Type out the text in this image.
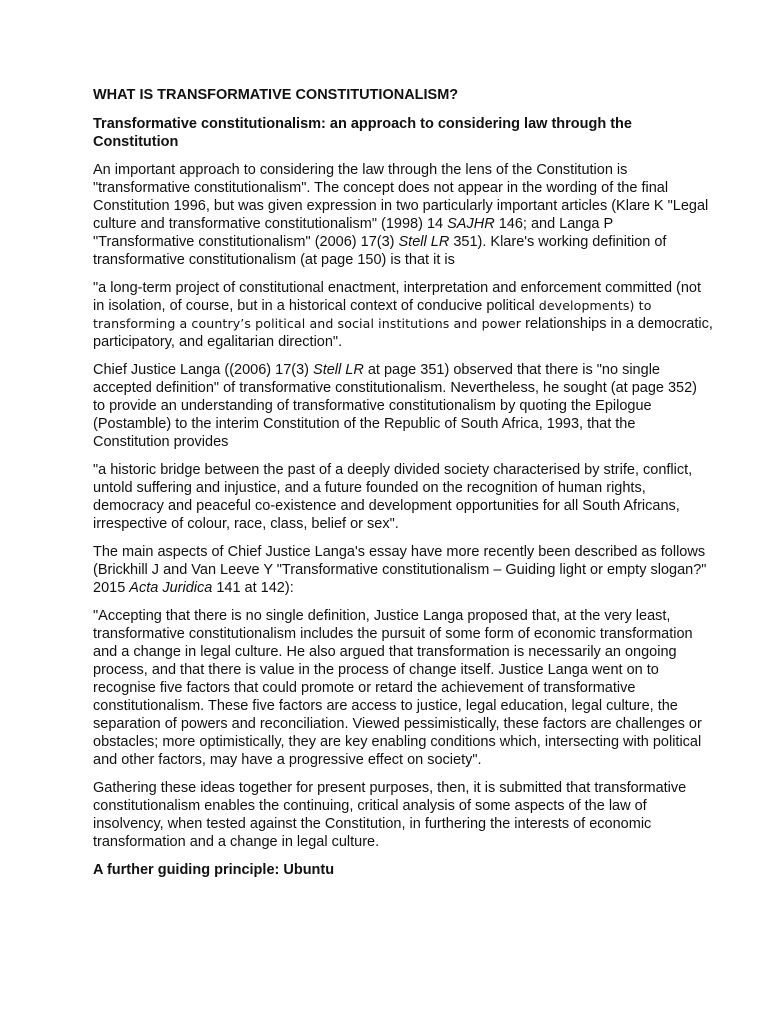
WHAT IS TRANSFORMATIVE CONSTITUTIONALISM?
Transformative constitutionalism: an approach to considering law through the Constitution

An important approach to considering the law through the lens of the Constitution is "transformative constitutionalism". The concept does not appear in the wording of the final Constitution 1996, but was given expression in two particularly important articles (Klare K "Legal culture and transformative constitutionalism" (1998) 14 SAJHR 146; and Langa P "Transformative constitutionalism" (2006) 17(3) Stell LR 351). Klare's working definition of transformative constitutionalism (at page 150) is that it is

"a long-term project of constitutional enactment, interpretation and enforcement committed (not in isolation, of course, but in a historical context of conducive political developments) to transforming a country’s political and social institutions and power relationships in a democratic, participatory, and egalitarian direction".

Chief Justice Langa ((2006) 17(3) Stell LR at page 351) observed that there is "no single accepted definition" of transformative constitutionalism. Nevertheless, he sought (at page 352) to provide an understanding of transformative constitutionalism by quoting the Epilogue (Postamble) to the interim Constitution of the Republic of South Africa, 1993, that the Constitution provides

"a historic bridge between the past of a deeply divided society characterised by strife, conflict, untold suffering and injustice, and a future founded on the recognition of human rights, democracy and peaceful co-existence and development opportunities for all South Africans, irrespective of colour, race, class, belief or sex".

The main aspects of Chief Justice Langa's essay have more recently been described as follows (Brickhill J and Van Leeve Y "Transformative constitutionalism – Guiding light or empty slogan?" 2015 Acta Juridica 141 at 142):

"Accepting that there is no single definition, Justice Langa proposed that, at the very least, transformative constitutionalism includes the pursuit of some form of economic transformation and a change in legal culture. He also argued that transformation is necessarily an ongoing process, and that there is value in the process of change itself. Justice Langa went on to recognise five factors that could promote or retard the achievement of transformative constitutionalism. These five factors are access to justice, legal education, legal culture, the separation of powers and reconciliation. Viewed pessimistically, these factors are challenges or obstacles; more optimistically, they are key enabling conditions which, intersecting with political and other factors, may have a progressive effect on society".

Gathering these ideas together for present purposes, then, it is submitted that transformative constitutionalism enables the continuing, critical analysis of some aspects of the law of insolvency, when tested against the Constitution, in furthering the interests of economic transformation and a change in legal culture.

A further guiding principle: Ubuntu
